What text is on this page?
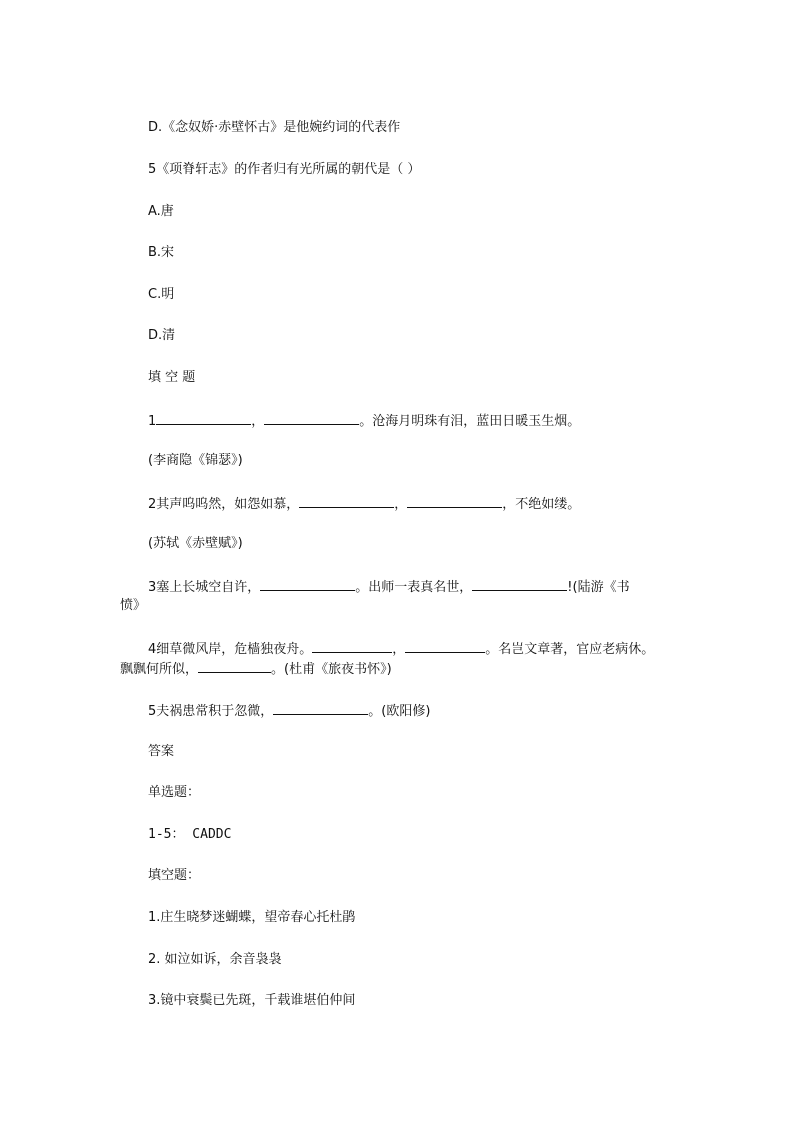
D.《念奴娇·赤壁怀古》是他婉约词的代表作
5《项脊轩志》的作者归有光所属的朝代是（ ）
A.唐
B.宋
C.明
D.清
填 空 题
1	，	。沧海月明珠有泪，蓝田日暖玉生烟。
(李商隐《锦瑟》)
2其声呜呜然，如怨如慕，	，	，不绝如缕。
(苏轼《赤壁赋》)
3塞上长城空自许，	。出师一表真名世，	!(陆游《书
愤》
4细草微风岸，危樯独夜舟。	，	。名岂文章著，官应老病休。
飘飘何所似，	。(杜甫《旅夜书怀》)
5夫祸患常积于忽微，	。(欧阳修)
答案
单选题：
1-5： CADDC
填空题：
1.庄生晓梦迷蝴蝶，望帝春心托杜鹃
2. 如泣如诉，余音袅袅
3.镜中衰鬓已先斑，千载谁堪伯仲间
